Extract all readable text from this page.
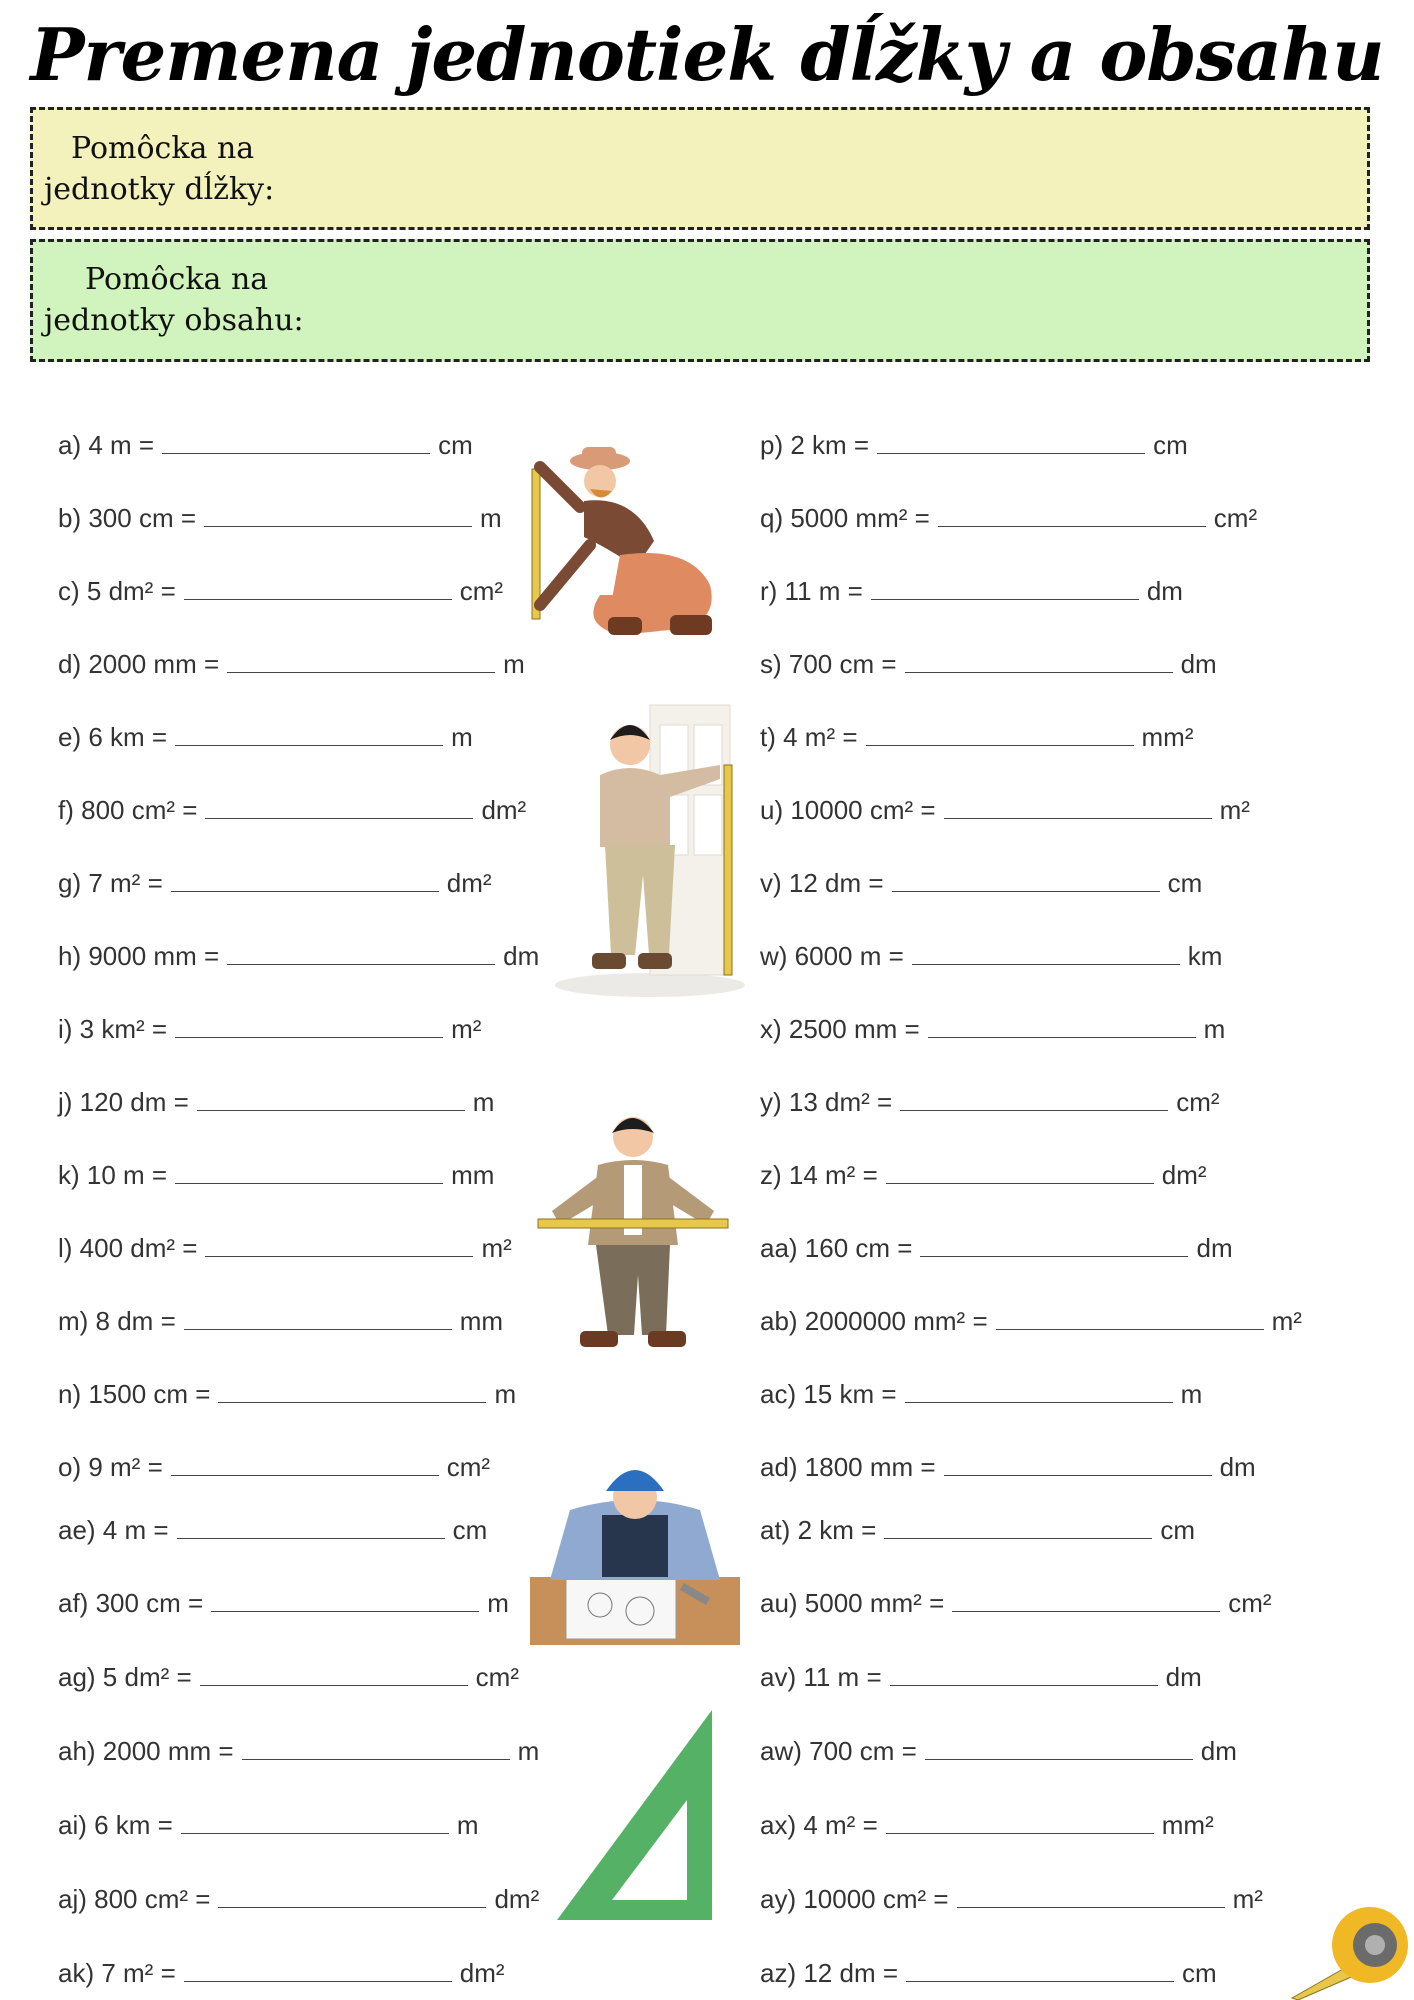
Premena jednotiek dĺžky a obsahu
Pomôcka na
jednotky dĺžky:
Pomôcka na
jednotky obsahu:
a) 4 m =	cm
b) 300 cm =	m
c) 5 dm² =	cm²
d) 2000 mm =	m
e) 6 km =	m
f) 800 cm² =	dm²
g) 7 m² =	dm²
h) 9000 mm =	dm
i) 3 km² =	m²
j) 120 dm =	m
k) 10 m =	mm
l) 400 dm² =	m²
m) 8 dm =	mm
n) 1500 cm =	m
o) 9 m² =	cm²
ae) 4 m =	cm
af) 300 cm =	m
ag) 5 dm² =	cm²
ah) 2000 mm =	m
ai) 6 km =	m
aj) 800 cm² =	dm²
ak) 7 m² =	dm²
p) 2 km =	cm
q) 5000 mm² =	cm²
r) 11 m =	dm
s) 700 cm =	dm
t) 4 m² =	mm²
u) 10000 cm² =	m²
v) 12 dm =	cm
w) 6000 m =	km
x) 2500 mm =	m
y) 13 dm² =	cm²
z) 14 m² =	dm²
aa) 160 cm =	dm
ab) 2000000 mm² =	m²
ac) 15 km =	m
ad) 1800 mm =	dm
at) 2 km =	cm
au) 5000 mm² =	cm²
av) 11 m =	dm
aw) 700 cm =	dm
ax) 4 m² =	mm²
ay) 10000 cm² =	m²
az) 12 dm =	cm
